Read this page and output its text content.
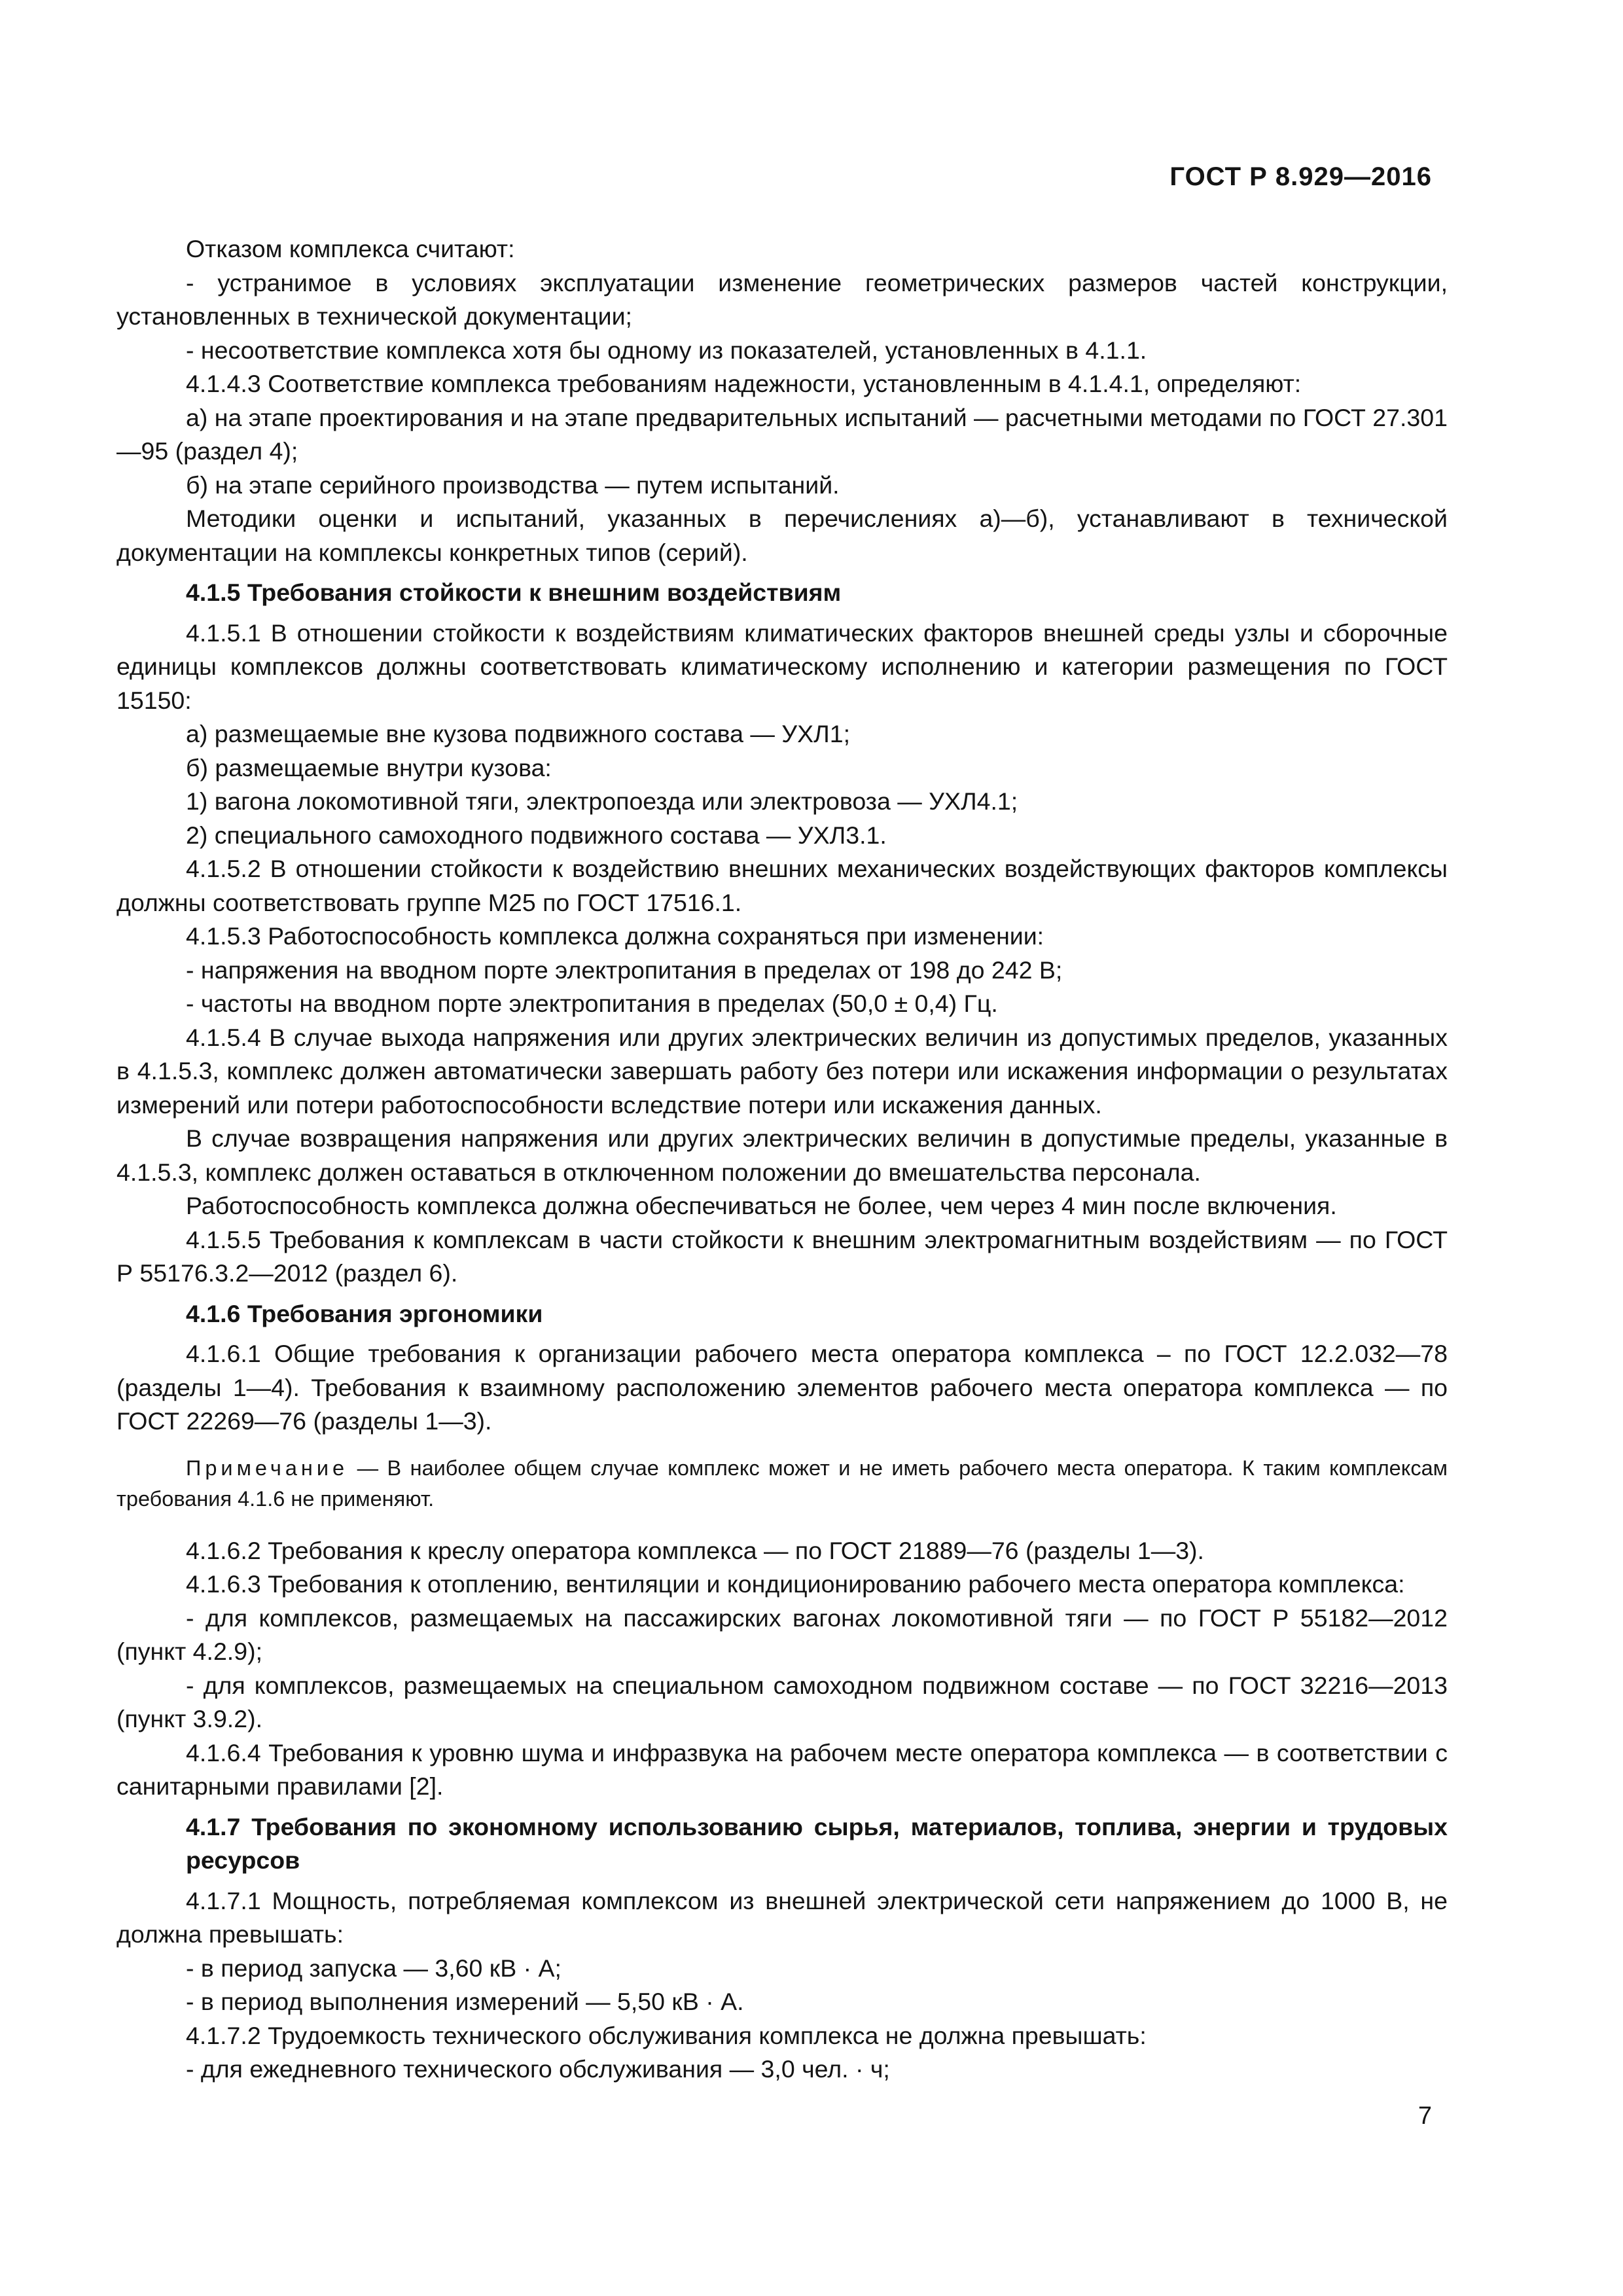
ГОСТ Р 8.929—2016

Отказом комплекса считают:

- устранимое в условиях эксплуатации изменение геометрических размеров частей конструкции, установленных в технической документации;

- несоответствие комплекса хотя бы одному из показателей, установленных в 4.1.1.

4.1.4.3 Соответствие комплекса требованиям надежности, установленным в 4.1.4.1, определяют:

а) на этапе проектирования и на этапе предварительных испытаний — расчетными методами по ГОСТ 27.301—95 (раздел 4);

б) на этапе серийного производства — путем испытаний.

Методики оценки и испытаний, указанных в перечислениях а)—б), устанавливают в технической документации на комплексы конкретных типов (серий).

4.1.5 Требования стойкости к внешним воздействиям

4.1.5.1 В отношении стойкости к воздействиям климатических факторов внешней среды узлы и сборочные единицы комплексов должны соответствовать климатическому исполнению и категории размещения по ГОСТ 15150:

а) размещаемые вне кузова подвижного состава — УХЛ1;

б) размещаемые внутри кузова:

1) вагона локомотивной тяги, электропоезда или электровоза — УХЛ4.1;

2) специального самоходного подвижного состава — УХЛ3.1.

4.1.5.2 В отношении стойкости к воздействию внешних механических воздействующих факторов комплексы должны соответствовать группе М25 по ГОСТ 17516.1.

4.1.5.3 Работоспособность комплекса должна сохраняться при изменении:

- напряжения на вводном порте электропитания в пределах от 198 до 242 В;

- частоты на вводном порте электропитания в пределах (50,0 ± 0,4) Гц.

4.1.5.4 В случае выхода напряжения или других электрических величин из допустимых пределов, указанных в 4.1.5.3, комплекс должен автоматически завершать работу без потери или искажения информации о результатах измерений или потери работоспособности вследствие потери или искажения данных.

В случае возвращения напряжения или других электрических величин в допустимые пределы, указанные в 4.1.5.3, комплекс должен оставаться в отключенном положении до вмешательства персонала.

Работоспособность комплекса должна обеспечиваться не более, чем через 4 мин после включения.

4.1.5.5 Требования к комплексам в части стойкости к внешним электромагнитным воздействиям — по ГОСТ Р 55176.3.2—2012 (раздел 6).

4.1.6 Требования эргономики

4.1.6.1 Общие требования к организации рабочего места оператора комплекса – по ГОСТ 12.2.032—78 (разделы 1—4). Требования к взаимному расположению элементов рабочего места оператора комплекса — по ГОСТ 22269—76 (разделы 1—3).

Примечание — В наиболее общем случае комплекс может и не иметь рабочего места оператора. К таким комплексам требования 4.1.6 не применяют.

4.1.6.2 Требования к креслу оператора комплекса — по ГОСТ 21889—76 (разделы 1—3).

4.1.6.3 Требования к отоплению, вентиляции и кондиционированию рабочего места оператора комплекса:

- для комплексов, размещаемых на пассажирских вагонах локомотивной тяги — по ГОСТ Р 55182—2012 (пункт 4.2.9);

- для комплексов, размещаемых на специальном самоходном подвижном составе — по ГОСТ 32216—2013 (пункт 3.9.2).

4.1.6.4 Требования к уровню шума и инфразвука на рабочем месте оператора комплекса — в соответствии с санитарными правилами [2].

4.1.7 Требования по экономному использованию сырья, материалов, топлива, энергии и трудовых ресурсов

4.1.7.1 Мощность, потребляемая комплексом из внешней электрической сети напряжением до 1000 В, не должна превышать:

- в период запуска — 3,60 кВ · А;

- в период выполнения измерений — 5,50 кВ · А.

4.1.7.2 Трудоемкость технического обслуживания комплекса не должна превышать:

- для ежедневного технического обслуживания — 3,0 чел. · ч;

7
